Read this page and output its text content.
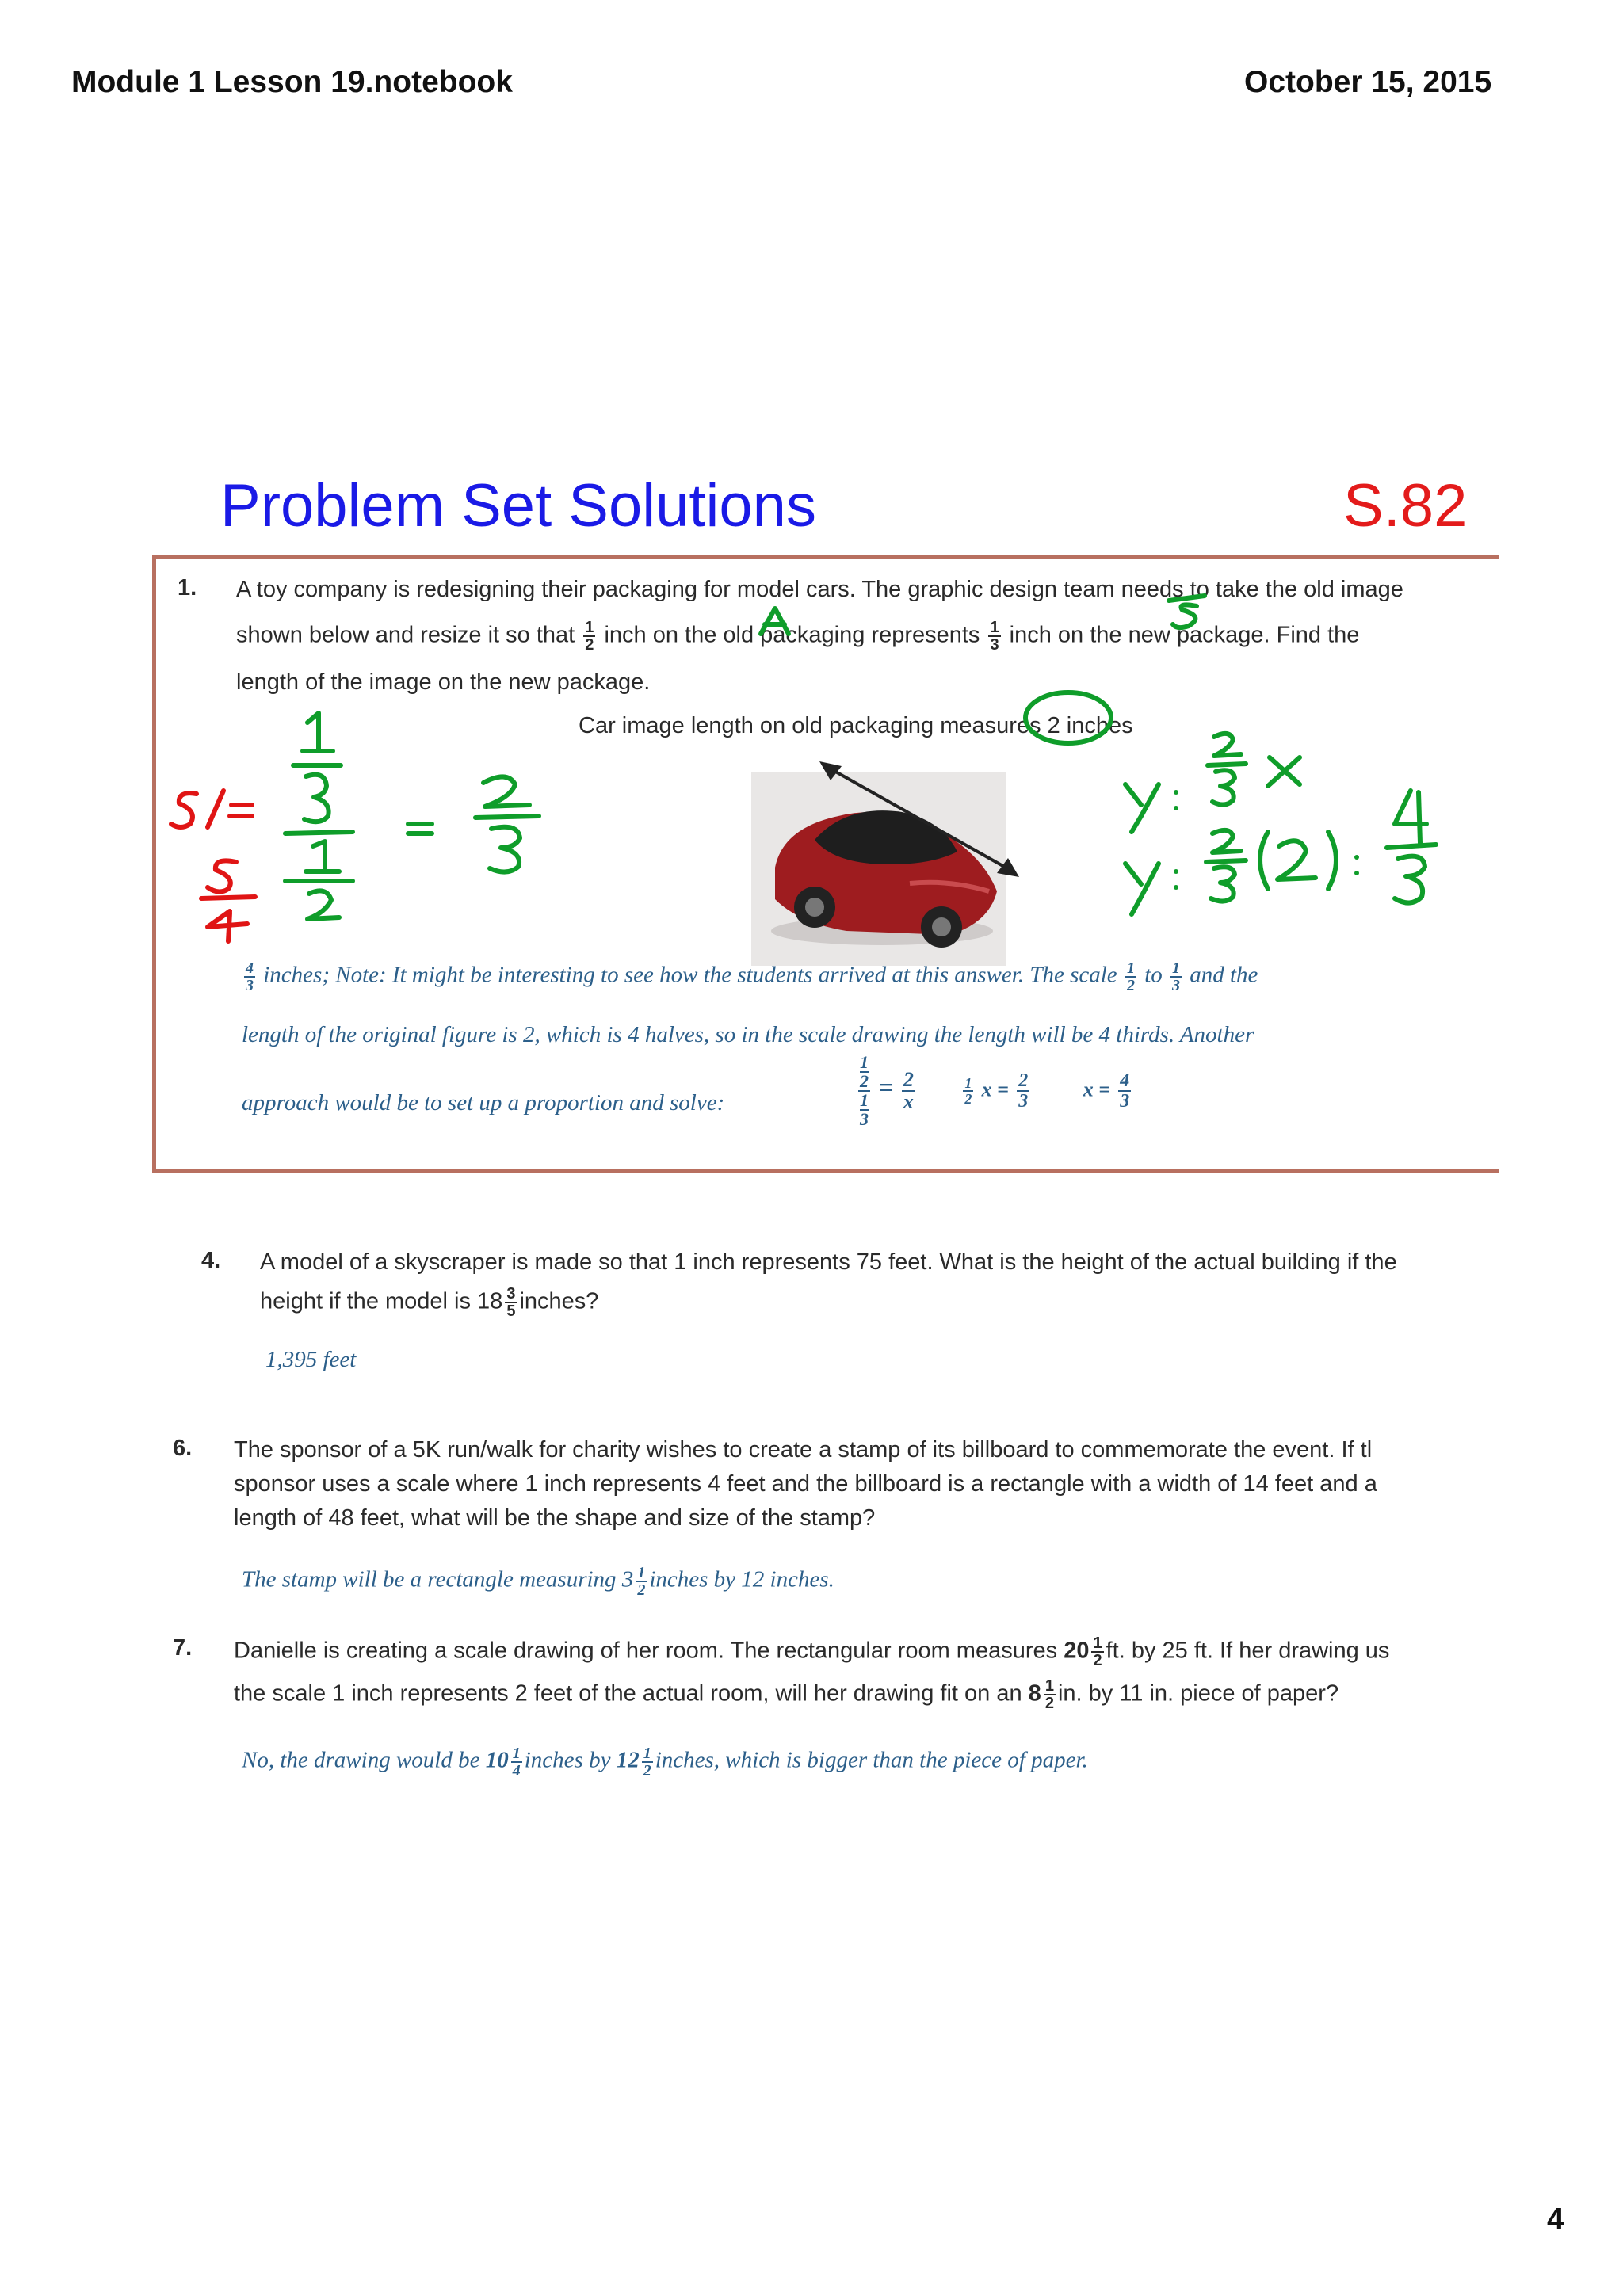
Module 1 Lesson 19.notebook	October 15, 2015
Problem Set Solutions	S.82
1. A toy company is redesigning their packaging for model cars. The graphic design team needs to take the old image
shown below and resize it so that $\frac{1}{2}$ inch on the old packaging represents $\frac{1}{3}$ inch on the new package. Find the
length of the image on the new package.
Car image length on old packaging measures 2 inches
$\frac{4}{3}$ inches; Note: It might be interesting to see how the students arrived at this answer. The scale $\frac{1}{2}$ to $\frac{1}{3}$ and the
length of the original figure is 2, which is 4 halves, so in the scale drawing the length will be 4 thirds. Another
approach would be to set up a proportion and solve:	1
2
1
$3 = \frac{2}{x}$
	$\frac{1}{2}$ $x = \frac{2}{3}$	$x = \frac{4}{3}$
4. A model of a skyscraper is made so that 1 inch represents 75 feet. What is the height of the actual building if the
height if the model is $18 \frac{3}{5}$ inches?
1,395 feet
6. The sponsor of a 5K run/walk for charity wishes to create a stamp of its billboard to commemorate the event. If tl
sponsor uses a scale where 1 inch represents 4 feet and the billboard is a rectangle with a width of 14 feet and a
length of 48 feet, what will be the shape and size of the stamp?
The stamp will be a rectangle measuring $3 \frac{1}{2}$ inches by 12 inches.
7. Danielle is creating a scale drawing of her room. The rectangular room measures $20 \frac{1}{2}$ ft. by 25 ft. If her drawing us
the scale 1 inch represents 2 feet of the actual room, will her drawing fit on an $8 \frac{1}{2}$ in. by 11 in. piece of paper?
No, the drawing would be $10 \frac{1}{4}$ inches by $12 \frac{1}{2}$ inches, which is bigger than the piece of paper.
4
